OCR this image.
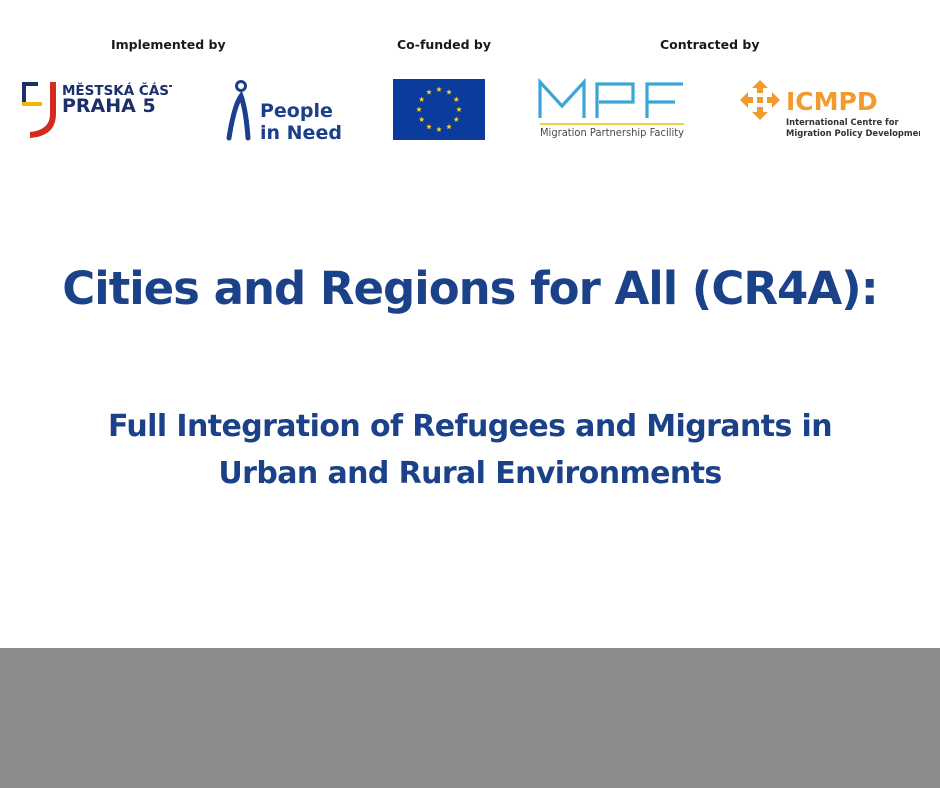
Implemented by	Co-funded by	Contracted by
MĚSTSKÁ ČÁST
PRAHA 5	People
in Need	Migration Partnership Facility
ICMPD
International Centre for
Migration Policy Development
Cities and Regions for All (CR4A):
Full Integration of Refugees and Migrants in
Urban and Rural Environments
